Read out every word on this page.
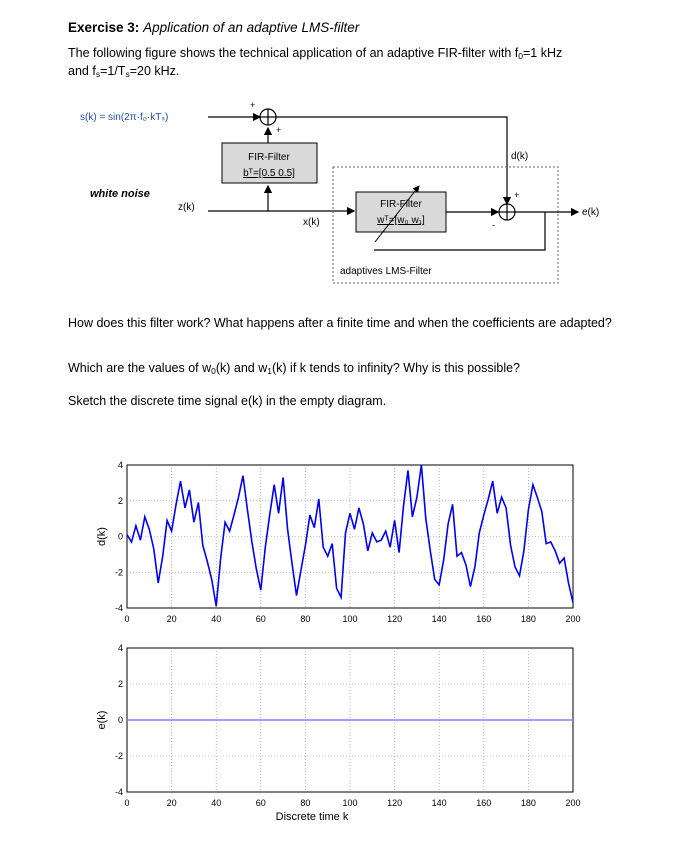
Exercise 3: Application of an adaptive LMS-filter
The following figure shows the technical application of an adaptive FIR-filter with $f_0=1$ kHz
and $f_s=1/T_s=20$ kHz.
s(k) = sin(2π·f₀·kTₛ)
white noise
z(k)
x(k)
d(k)
e(k)
+
+
FIR-Filter
bᵀ=[0.5 0.5]
adaptives LMS-Filter
FIR-Filter
wᵀ=[w₀ w₁]
+
-
How does this filter work? What happens after a finite time and when the coefficients are adapted?
Which are the values of $w_0(k)$ and $w_1(k)$ if k tends to infinity? Why is this possible?
Sketch the discrete time signal e(k) in the empty diagram.
0	20	40	60	80	100	120	140	160	180	200
4
2
0
-2
-4
d(k)
0	20	40	60	80	100	120	140	160	180	200
4
2
0
-2
-4
e(k)
Discrete time k
